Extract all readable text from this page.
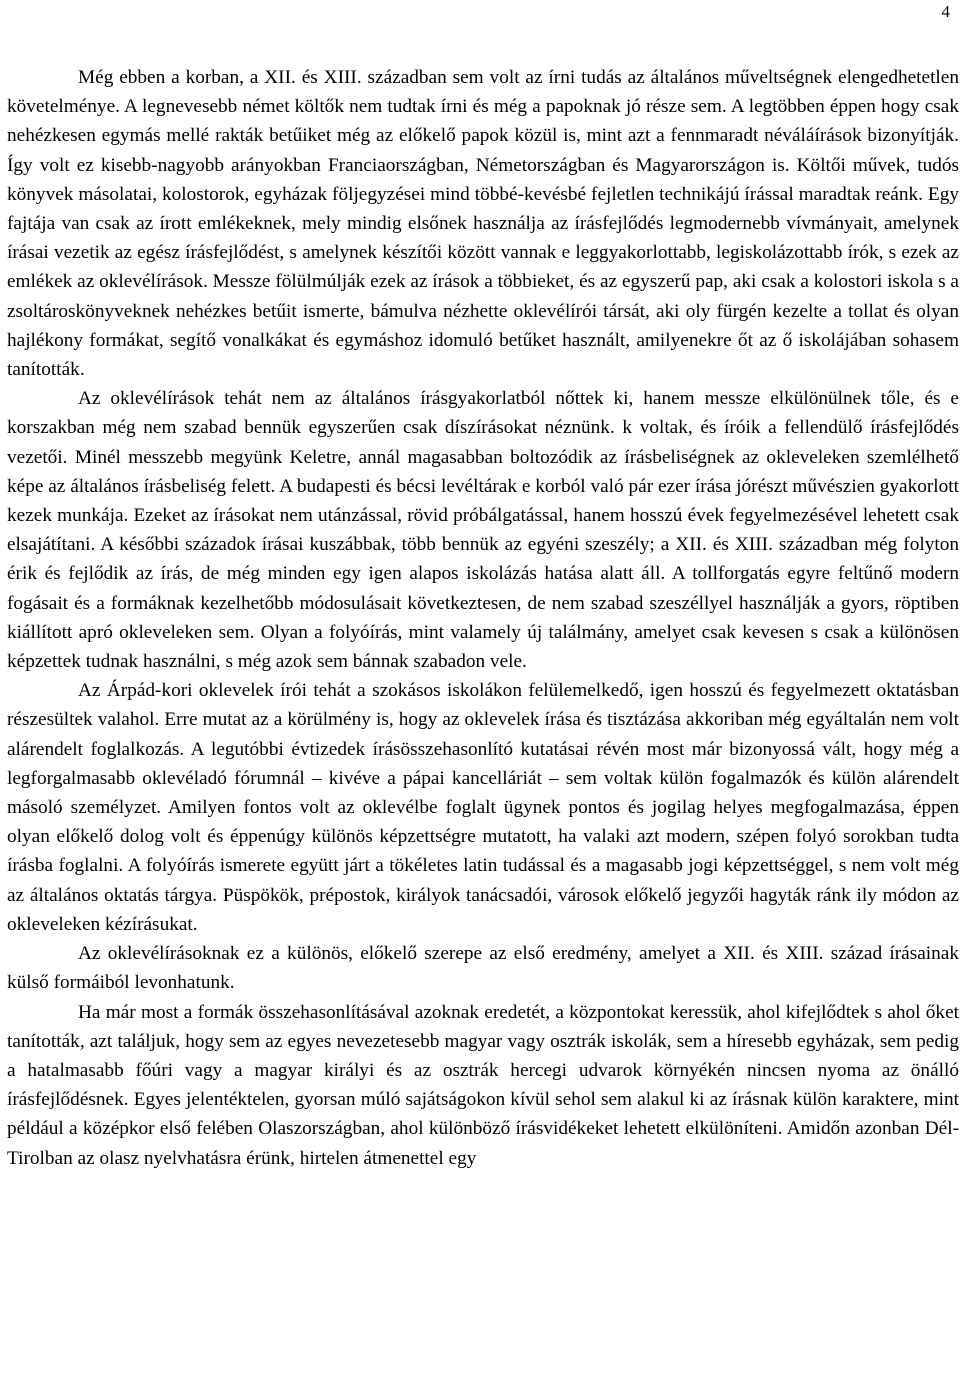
4

Még ebben a korban, a XII. és XIII. században sem volt az írni tudás az általános műveltségnek elengedhetetlen követelménye. A legnevesebb német költők nem tudtak írni és még a papoknak jó része sem. A legtöbben éppen hogy csak nehézkesen egymás mellé rakták betűiket még az előkelő papok közül is, mint azt a fennmaradt néváláírások bizonyítják. Így volt ez kisebb-nagyobb arányokban Franciaországban, Németországban és Magyarországon is. Költői művek, tudós könyvek másolatai, kolostorok, egyházak följegyzései mind többé-kevésbé fejletlen technikájú írással maradtak reánk. Egy fajtája van csak az írott emlékeknek, mely mindig elsőnek használja az írásfejlődés legmodernebb vívmányait, amelynek írásai vezetik az egész írásfejlődést, s amelynek készítői között vannak e leggyakorlottabb, legiskolázottabb írók, s ezek az emlékek az oklevélírások. Messze fölülmúlják ezek az írások a többieket, és az egyszerű pap, aki csak a kolostori iskola s a zsoltároskönyveknek nehézkes betűit ismerte, bámulva nézhette oklevélírói társát, aki oly fürgén kezelte a tollat és olyan hajlékony formákat, segítő vonalkákat és egymáshoz idomuló betűket használt, amilyenekre őt az ő iskolájában sohasem tanították.

Az oklevélírások tehát nem az általános írásgyakorlatból nőttek ki, hanem messze elkülönülnek tőle, és e korszakban még nem szabad bennük egyszerűen csak díszírásokat néznünk. k voltak, és íróik a fellendülő írásfejlődés vezetői. Minél messzebb megyünk Keletre, annál magasabban boltozódik az írásbeliségnek az okleveleken szemlélhető képe az általános írásbeliség felett. A budapesti és bécsi levéltárak e korból való pár ezer írása jórészt művészien gyakorlott kezek munkája. Ezeket az írásokat nem utánzással, rövid próbálgatással, hanem hosszú évek fegyelmezésével lehetett csak elsajátítani. A későbbi századok írásai kuszábbak, több bennük az egyéni szeszély; a XII. és XIII. században még folyton érik és fejlődik az írás, de még minden egy igen alapos iskolázás hatása alatt áll. A tollforgatás egyre feltűnő modern fogásait és a formáknak kezelhetőbb módosulásait következtesen, de nem szabad szeszéllyel használják a gyors, röptiben kiállított apró okleveleken sem. Olyan a folyóírás, mint valamely új találmány, amelyet csak kevesen s csak a különösen képzettek tudnak használni, s még azok sem bánnak szabadon vele.

Az Árpád-kori oklevelek írói tehát a szokásos iskolákon felülemelkedő, igen hosszú és fegyelmezett oktatásban részesültek valahol. Erre mutat az a körülmény is, hogy az oklevelek írása és tisztázása akkoriban még egyáltalán nem volt alárendelt foglalkozás. A legutóbbi évtizedek írásösszehasonlító kutatásai révén most már bizonyossá vált, hogy még a legforgalmasabb oklevéladó fórumnál – kivéve a pápai kancelláriát – sem voltak külön fogalmazók és külön alárendelt másoló személyzet. Amilyen fontos volt az oklevélbe foglalt ügynek pontos és jogilag helyes megfogalmazása, éppen olyan előkelő dolog volt és éppenúgy különös képzettségre mutatott, ha valaki azt modern, szépen folyó sorokban tudta írásba foglalni. A folyóírás ismerete együtt járt a tökéletes latin tudással és a magasabb jogi képzettséggel, s nem volt még az általános oktatás tárgya. Püspökök, prépostok, királyok tanácsadói, városok előkelő jegyzői hagyták ránk ily módon az okleveleken kézírásukat.

Az oklevélírásoknak ez a különös, előkelő szerepe az első eredmény, amelyet a XII. és XIII. század írásainak külső formáiból levonhatunk.

Ha már most a formák összehasonlításával azoknak eredetét, a központokat keressük, ahol kifejlődtek s ahol őket tanították, azt találjuk, hogy sem az egyes nevezetesebb magyar vagy osztrák iskolák, sem a híresebb egyházak, sem pedig a hatalmasabb főúri vagy a magyar királyi és az osztrák hercegi udvarok környékén nincsen nyoma az önálló írásfejlődésnek. Egyes jelentéktelen, gyorsan múló sajátságokon kívül sehol sem alakul ki az írásnak külön karaktere, mint például a középkor első felében Olaszországban, ahol különböző írásvidékeket lehetett elkülöníteni. Amidőn azonban Dél-Tirolban az olasz nyelvhatásra érünk, hirtelen átmenettel egy
